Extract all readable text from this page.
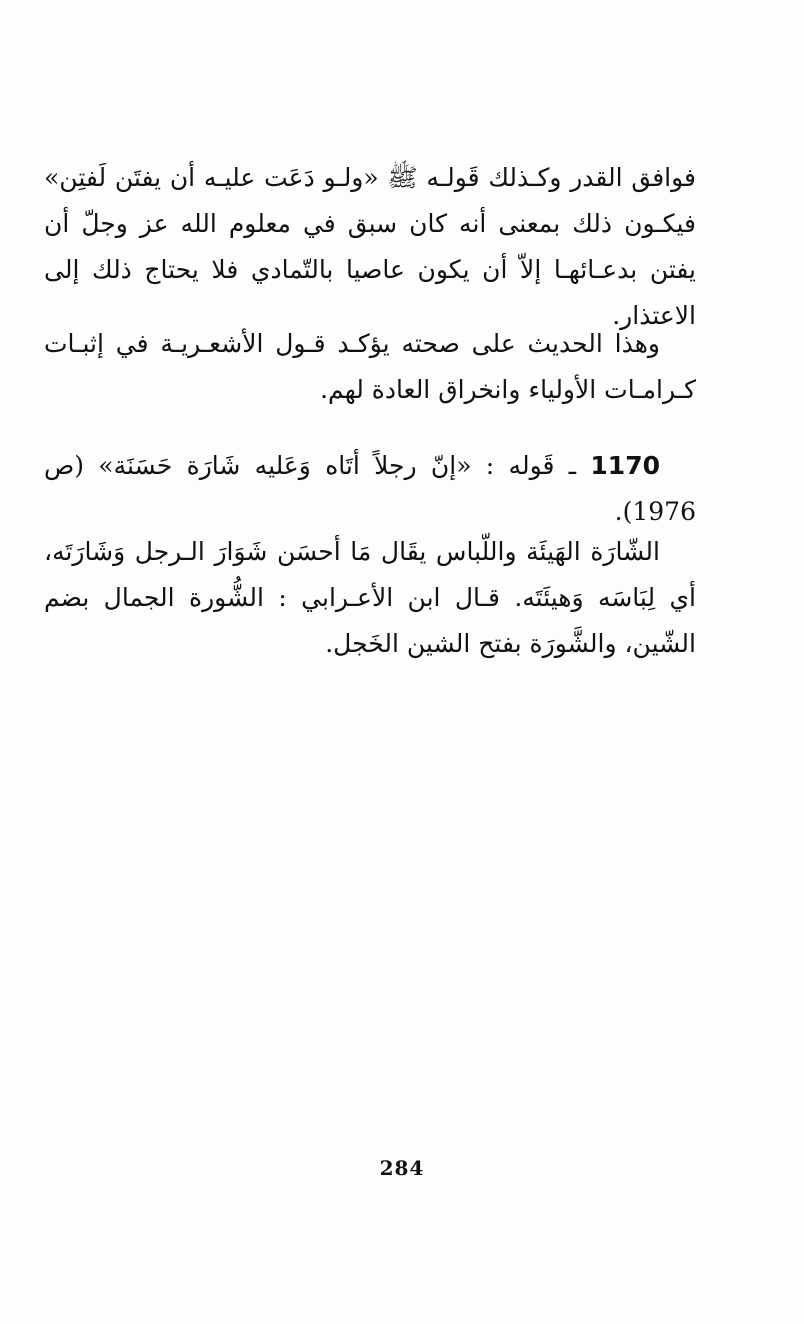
فوافق القدر وكـذلك قَولـه ﷺ «ولـو دَعَت عليـه أن يفتَن لَفتِن» فيكـون ذلك بمعنى أنه كان سبق في معلوم الله عز وجلّ أن يفتن بدعـائهـا إلاّ أن يكون عاصيا بالتّمادي فلا يحتاج ذلك إلى الاعتذار.

وهذا الحديث على صحته يؤكـد قـول الأشعـريـة في إثبـات كـرامـات الأولياء وانخراق العادة لهم.

1170 ـ قَوله : «إنّ رجلاً أتَاه وَعَليه شَارَة حَسَنَة» (ص 1976).

الشّارَة الهَيئَة واللّباس يقَال مَا أحسَن شَوَارَ الـرجل وَشَارَتَه، أي لِبَاسَه وَهيئَتَه. قـال ابن الأعـرابي : الشُّورة الجمال بضم الشّين، والشَّورَة بفتح الشين الخَجل.

284
